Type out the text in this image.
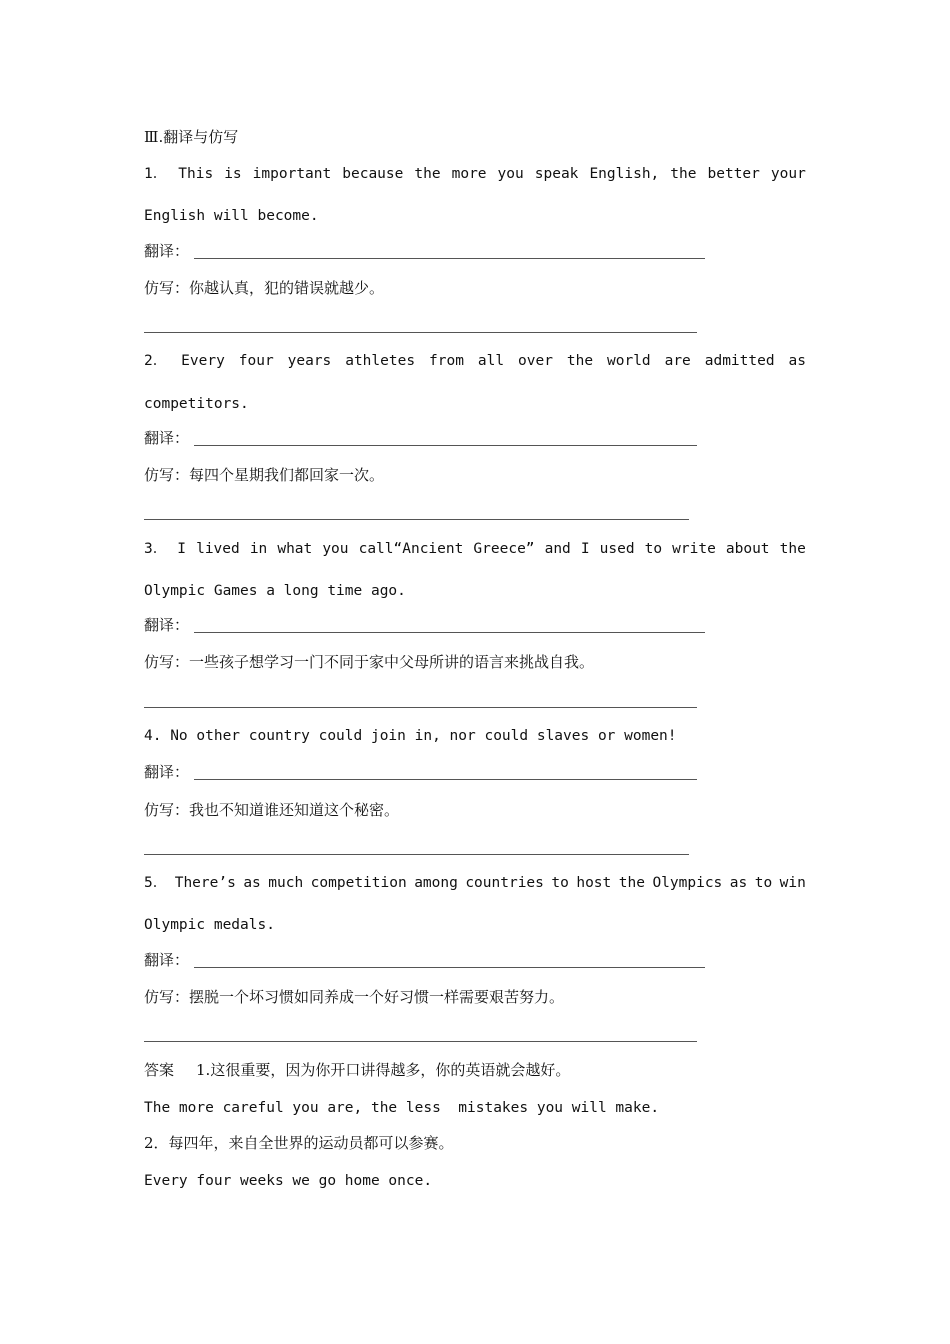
Ⅲ.翻译与仿写
1． This is important because the more you speak English, the better your
English will become.
翻译：
仿写：你越认真，犯的错误就越少。
2． Every four years athletes from all over the world are admitted as
competitors.
翻译：
仿写：每四个星期我们都回家一次。
3． I lived in what you call“Ancient Greece” and I used to write about the
Olympic Games a long time ago.
翻译：
仿写：一些孩子想学习一门不同于家中父母所讲的语言来挑战自我。
4. No other country could join in, nor could slaves or women!
翻译：
仿写：我也不知道谁还知道这个秘密。
5． There’s as much competition among countries to host the Olympics as to win
Olympic medals.
翻译：
仿写：摆脱一个坏习惯如同养成一个好习惯一样需要艰苦努力。
答案 1.这很重要，因为你开口讲得越多，你的英语就会越好。
The more careful you are, the less  mistakes you will make.
2．每四年，来自全世界的运动员都可以参赛。
Every four weeks we go home once.
